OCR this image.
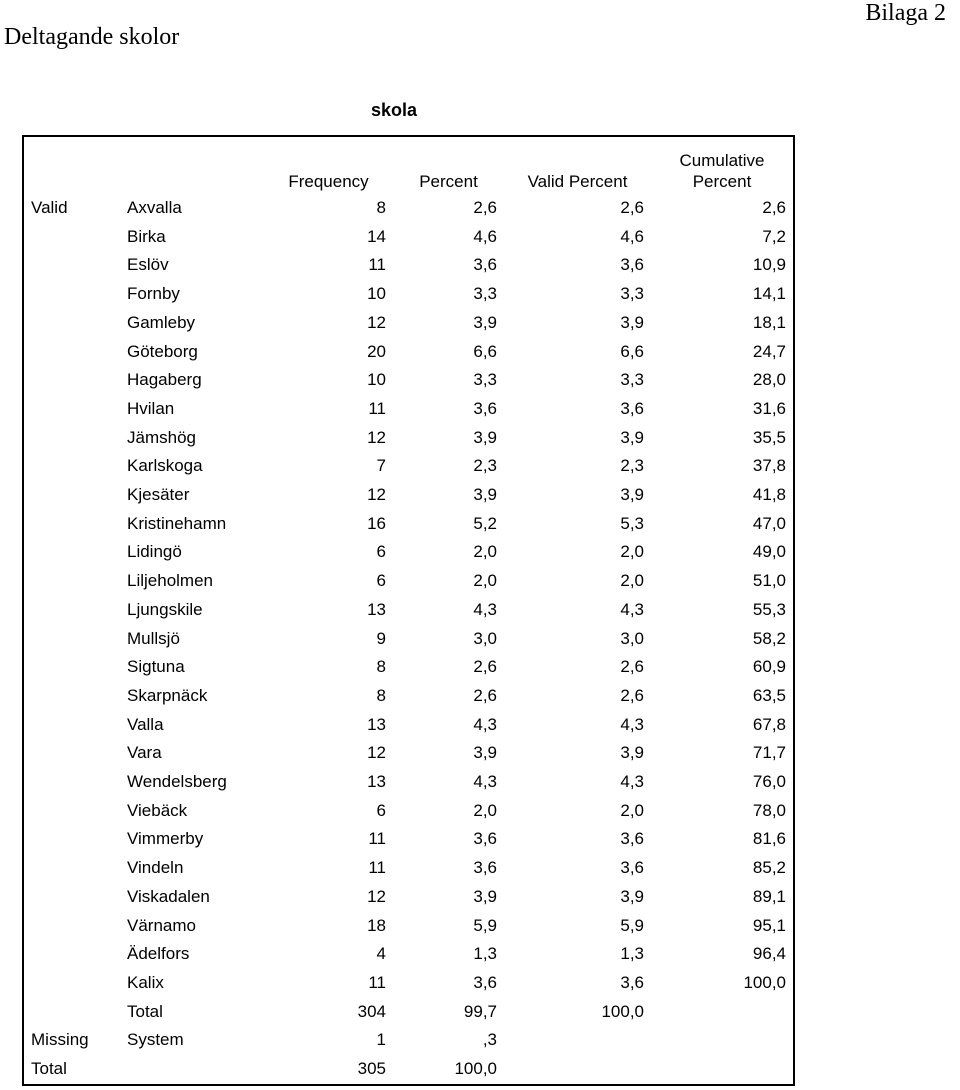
Deltagande skolor
Bilaga 2
skola
		Frequency	Percent	Valid Percent	Cumulative
Percent
Valid	Axvalla	8	2,6	2,6	2,6
	Birka	14	4,6	4,6	7,2
	Eslöv	11	3,6	3,6	10,9
	Fornby	10	3,3	3,3	14,1
	Gamleby	12	3,9	3,9	18,1
	Göteborg	20	6,6	6,6	24,7
	Hagaberg	10	3,3	3,3	28,0
	Hvilan	11	3,6	3,6	31,6
	Jämshög	12	3,9	3,9	35,5
	Karlskoga	7	2,3	2,3	37,8
	Kjesäter	12	3,9	3,9	41,8
	Kristinehamn	16	5,2	5,3	47,0
	Lidingö	6	2,0	2,0	49,0
	Liljeholmen	6	2,0	2,0	51,0
	Ljungskile	13	4,3	4,3	55,3
	Mullsjö	9	3,0	3,0	58,2
	Sigtuna	8	2,6	2,6	60,9
	Skarpnäck	8	2,6	2,6	63,5
	Valla	13	4,3	4,3	67,8
	Vara	12	3,9	3,9	71,7
	Wendelsberg	13	4,3	4,3	76,0
	Viebäck	6	2,0	2,0	78,0
	Vimmerby	11	3,6	3,6	81,6
	Vindeln	11	3,6	3,6	85,2
	Viskadalen	12	3,9	3,9	89,1
	Värnamo	18	5,9	5,9	95,1
	Ädelfors	4	1,3	1,3	96,4
	Kalix	11	3,6	3,6	100,0
	Total	304	99,7	100,0	
Missing	System	1	,3		
Total		305	100,0		
